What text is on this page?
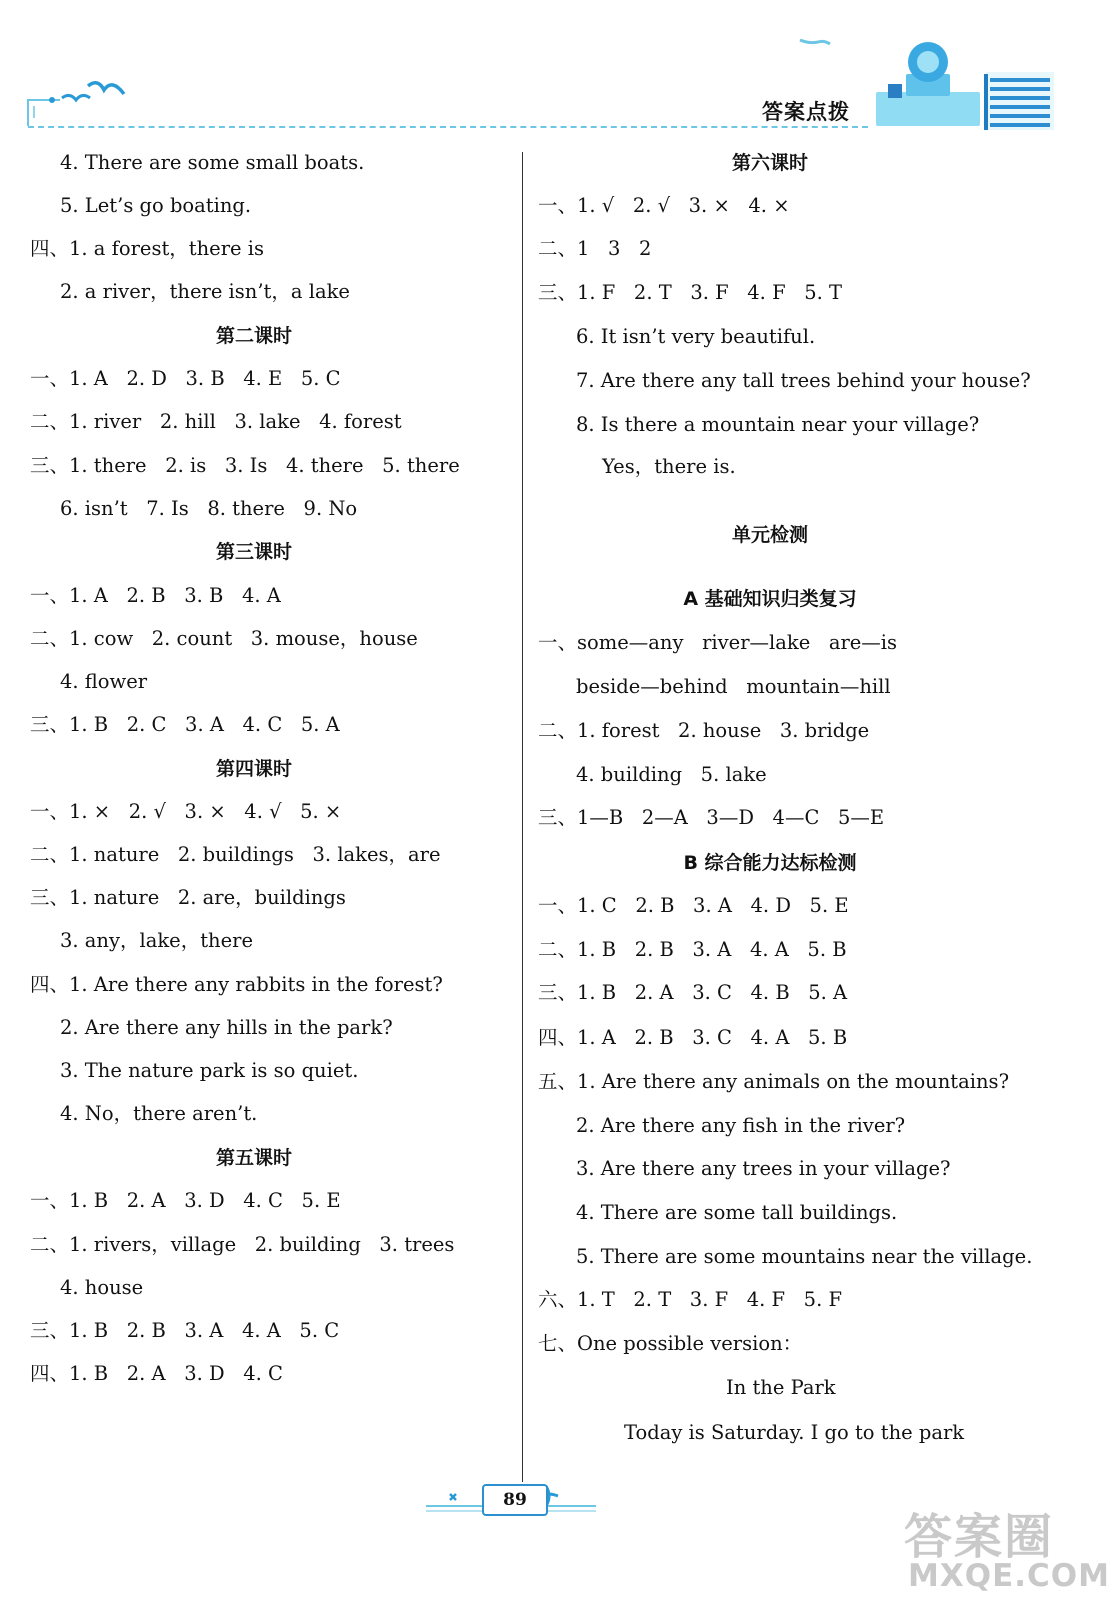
答案点拨
4. There are some small boats.
5. Let’s go boating.
四、1. a forest，there is
2. a river，there isn’t，a lake
第二课时
一、1. A   2. D   3. B   4. E   5. C
二、1. river   2. hill   3. lake   4. forest
三、1. there   2. is   3. Is   4. there   5. there
6. isn’t   7. Is   8. there   9. No
第三课时
一、1. A   2. B   3. B   4. A
二、1. cow   2. count   3. mouse，house
4. flower
三、1. B   2. C   3. A   4. C   5. A
第四课时
一、1. ×   2. √   3. ×   4. √   5. ×
二、1. nature   2. buildings   3. lakes，are
三、1. nature   2. are，buildings
3. any，lake，there
四、1. Are there any rabbits in the forest?
2. Are there any hills in the park?
3. The nature park is so quiet.
4. No，there aren’t.
第五课时
一、1. B   2. A   3. D   4. C   5. E
二、1. rivers，village   2. building   3. trees
4. house
三、1. B   2. B   3. A   4. A   5. C
四、1. B   2. A   3. D   4. C
第六课时
一、1. √   2. √   3. ×   4. ×
二、1   3   2
三、1. F   2. T   3. F   4. F   5. T
6. It isn’t very beautiful.
7. Are there any tall trees behind your house?
8. Is there a mountain near your village?
Yes，there is.
单元检测
A 基础知识归类复习
一、some—any   river—lake   are—is
beside—behind   mountain—hill
二、1. forest   2. house   3. bridge
4. building   5. lake
三、1—B   2—A   3—D   4—C   5—E
B 综合能力达标检测
一、1. C   2. B   3. A   4. D   5. E
二、1. B   2. B   3. A   4. A   5. B
三、1. B   2. A   3. C   4. B   5. A
四、1. A   2. B   3. C   4. A   5. B
五、1. Are there any animals on the mountains?
2. Are there any fish in the river?
3. Are there any trees in your village?
4. There are some tall buildings.
5. There are some mountains near the village.
六、1. T   2. T   3. F   4. F   5. F
七、One possible version：
In the Park
Today is Saturday. I go to the park
89
答案圈
MXQE.COM
